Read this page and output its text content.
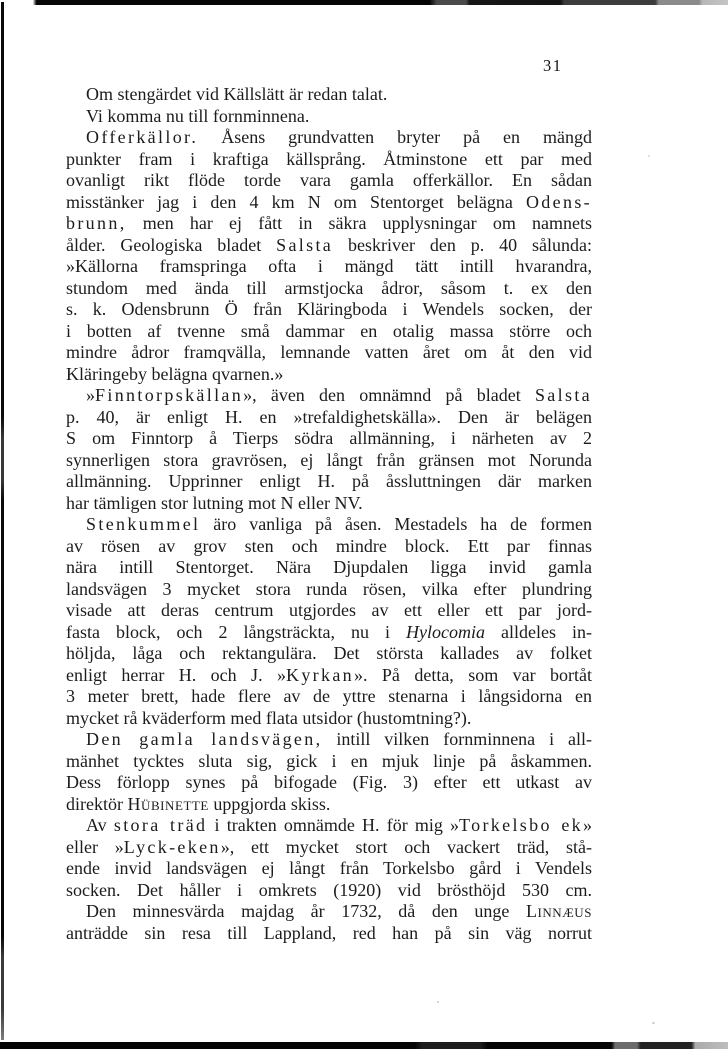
31
Om stengärdet vid Källslätt är redan talat.
Vi komma nu till fornminnena.
Offerkällor. Åsens grundvatten bryter på en mängd
punkter fram i kraftiga källsprång. Åtminstone ett par med
ovanligt rikt flöde torde vara gamla offerkällor. En sådan
misstänker jag i den 4 km N om Stentorget belägna Odens-
brunn, men har ej fått in säkra upplysningar om namnets
ålder. Geologiska bladet Salsta beskriver den p. 40 sålunda:
»Källorna framspringa ofta i mängd tätt intill hvarandra,
stundom med ända till armstjocka ådror, såsom t. ex den
s. k. Odensbrunn Ö från Kläringboda i Wendels socken, der
i botten af tvenne små dammar en otalig massa större och
mindre ådror framqvälla, lemnande vatten året om åt den vid
Kläringeby belägna qvarnen.»
»Finntorpskällan», även den omnämnd på bladet Salsta
p. 40, är enligt H. en »trefaldighetskälla». Den är belägen
S om Finntorp å Tierps södra allmänning, i närheten av 2
synnerligen stora gravrösen, ej långt från gränsen mot Norunda
allmänning. Upprinner enligt H. på åssluttningen där marken
har tämligen stor lutning mot N eller NV.
Stenkummel äro vanliga på åsen. Mestadels ha de formen
av rösen av grov sten och mindre block. Ett par finnas
nära intill Stentorget. Nära Djupdalen ligga invid gamla
landsvägen 3 mycket stora runda rösen, vilka efter plundring
visade att deras centrum utgjordes av ett eller ett par jord-
fasta block, och 2 långsträckta, nu i Hylocomia alldeles in-
höljda, låga och rektangulära. Det största kallades av folket
enligt herrar H. och J. »Kyrkan». På detta, som var bortåt
3 meter brett, hade flere av de yttre stenarna i långsidorna en
mycket rå kväderform med flata utsidor (hustomtning?).
Den gamla landsvägen, intill vilken fornminnena i all-
mänhet tycktes sluta sig, gick i en mjuk linje på åskammen.
Dess förlopp synes på bifogade (Fig. 3) efter ett utkast av
direktör Hübinette uppgjorda skiss.
Av stora träd i trakten omnämde H. för mig »Torkelsbo ek»
eller »Lyck-eken», ett mycket stort och vackert träd, stå-
ende invid landsvägen ej långt från Torkelsbo gård i Vendels
socken. Det håller i omkrets (1920) vid brösthöjd 530 cm.
Den minnesvärda majdag år 1732, då den unge Linnæus
anträdde sin resa till Lappland, red han på sin väg norrut
